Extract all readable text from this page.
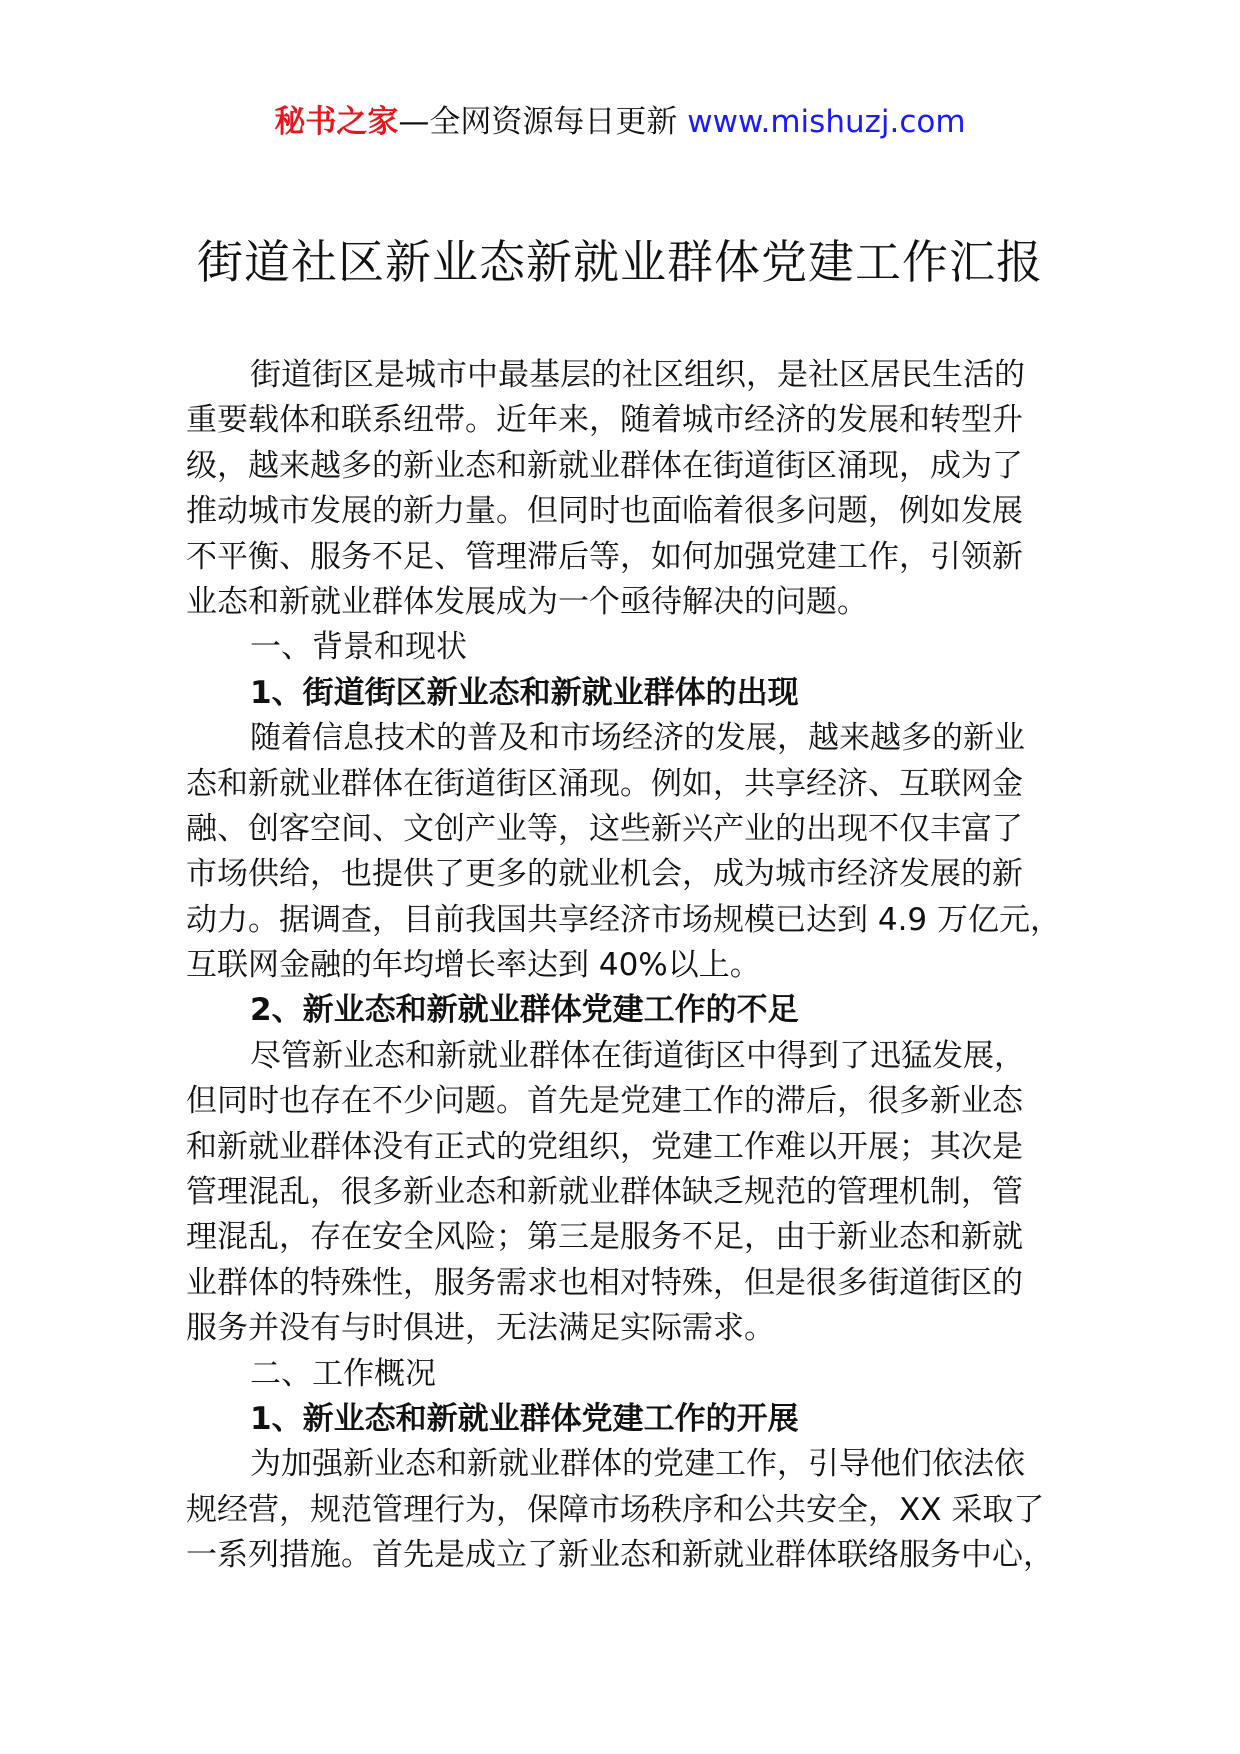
秘书之家—全网资源每日更新 www.mishuzj.com
街道社区新业态新就业群体党建工作汇报
街道街区是城市中最基层的社区组织，是社区居民生活的
重要载体和联系纽带。近年来，随着城市经济的发展和转型升
级，越来越多的新业态和新就业群体在街道街区涌现，成为了
推动城市发展的新力量。但同时也面临着很多问题，例如发展
不平衡、服务不足、管理滞后等，如何加强党建工作，引领新
业态和新就业群体发展成为一个亟待解决的问题。
一、背景和现状
1、街道街区新业态和新就业群体的出现
随着信息技术的普及和市场经济的发展，越来越多的新业
态和新就业群体在街道街区涌现。例如，共享经济、互联网金
融、创客空间、文创产业等，这些新兴产业的出现不仅丰富了
市场供给，也提供了更多的就业机会，成为城市经济发展的新
动力。据调查，目前我国共享经济市场规模已达到 4.9 万亿元，
互联网金融的年均增长率达到 40%以上。
2、新业态和新就业群体党建工作的不足
尽管新业态和新就业群体在街道街区中得到了迅猛发展，
但同时也存在不少问题。首先是党建工作的滞后，很多新业态
和新就业群体没有正式的党组织，党建工作难以开展；其次是
管理混乱，很多新业态和新就业群体缺乏规范的管理机制，管
理混乱，存在安全风险；第三是服务不足，由于新业态和新就
业群体的特殊性，服务需求也相对特殊，但是很多街道街区的
服务并没有与时俱进，无法满足实际需求。
二、工作概况
1、新业态和新就业群体党建工作的开展
为加强新业态和新就业群体的党建工作，引导他们依法依
规经营，规范管理行为，保障市场秩序和公共安全，XX 采取了
一系列措施。首先是成立了新业态和新就业群体联络服务中心，
